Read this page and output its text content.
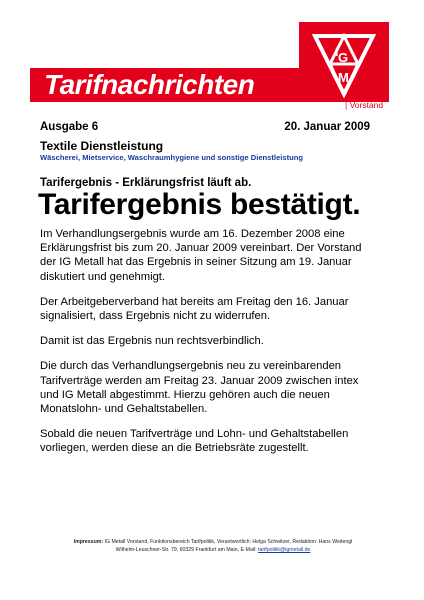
Tarifnachrichten
I G
M
| Vorstand
Ausgabe 6	20. Januar 2009
Textile Dienstleistung
Wäscherei, Mietservice, Waschraumhygiene und sonstige Dienstleistung
Tarifergebnis - Erklärungsfrist läuft ab.
Tarifergebnis bestätigt.

Im Verhandlungsergebnis wurde am 16. Dezember 2008 eine Erklärungsfrist bis zum 20. Januar 2009 vereinbart. Der Vorstand der IG Metall hat das Ergebnis in seiner Sitzung am 19. Januar diskutiert und genehmigt.

Der Arbeitgeberverband hat bereits am Freitag den 16. Januar signalisiert, dass Ergebnis nicht zu widerrufen.

Damit ist das Ergebnis nun rechtsverbindlich.

Die durch das Verhandlungsergebnis neu zu vereinbarenden Tarifverträge werden am Freitag 23. Januar 2009 zwischen intex und IG Metall abgestimmt. Hierzu gehören auch die neuen Monatslohn- und Gehaltstabellen.

Sobald die neuen Tarifverträge und Lohn- und Gehaltstabellen vorliegen, werden diese an die Betriebsräte zugestellt.

Impressum: IG Metall Vorstand, Funktionsbereich Tarifpolitik, Verantwortlich: Helga Schwitzer, Redaktion: Hans Weitengl
Wilhelm-Leuschner-Str. 79, 60329 Frankfurt am Main, E-Mail: tarifpolitik@igmetall.de
